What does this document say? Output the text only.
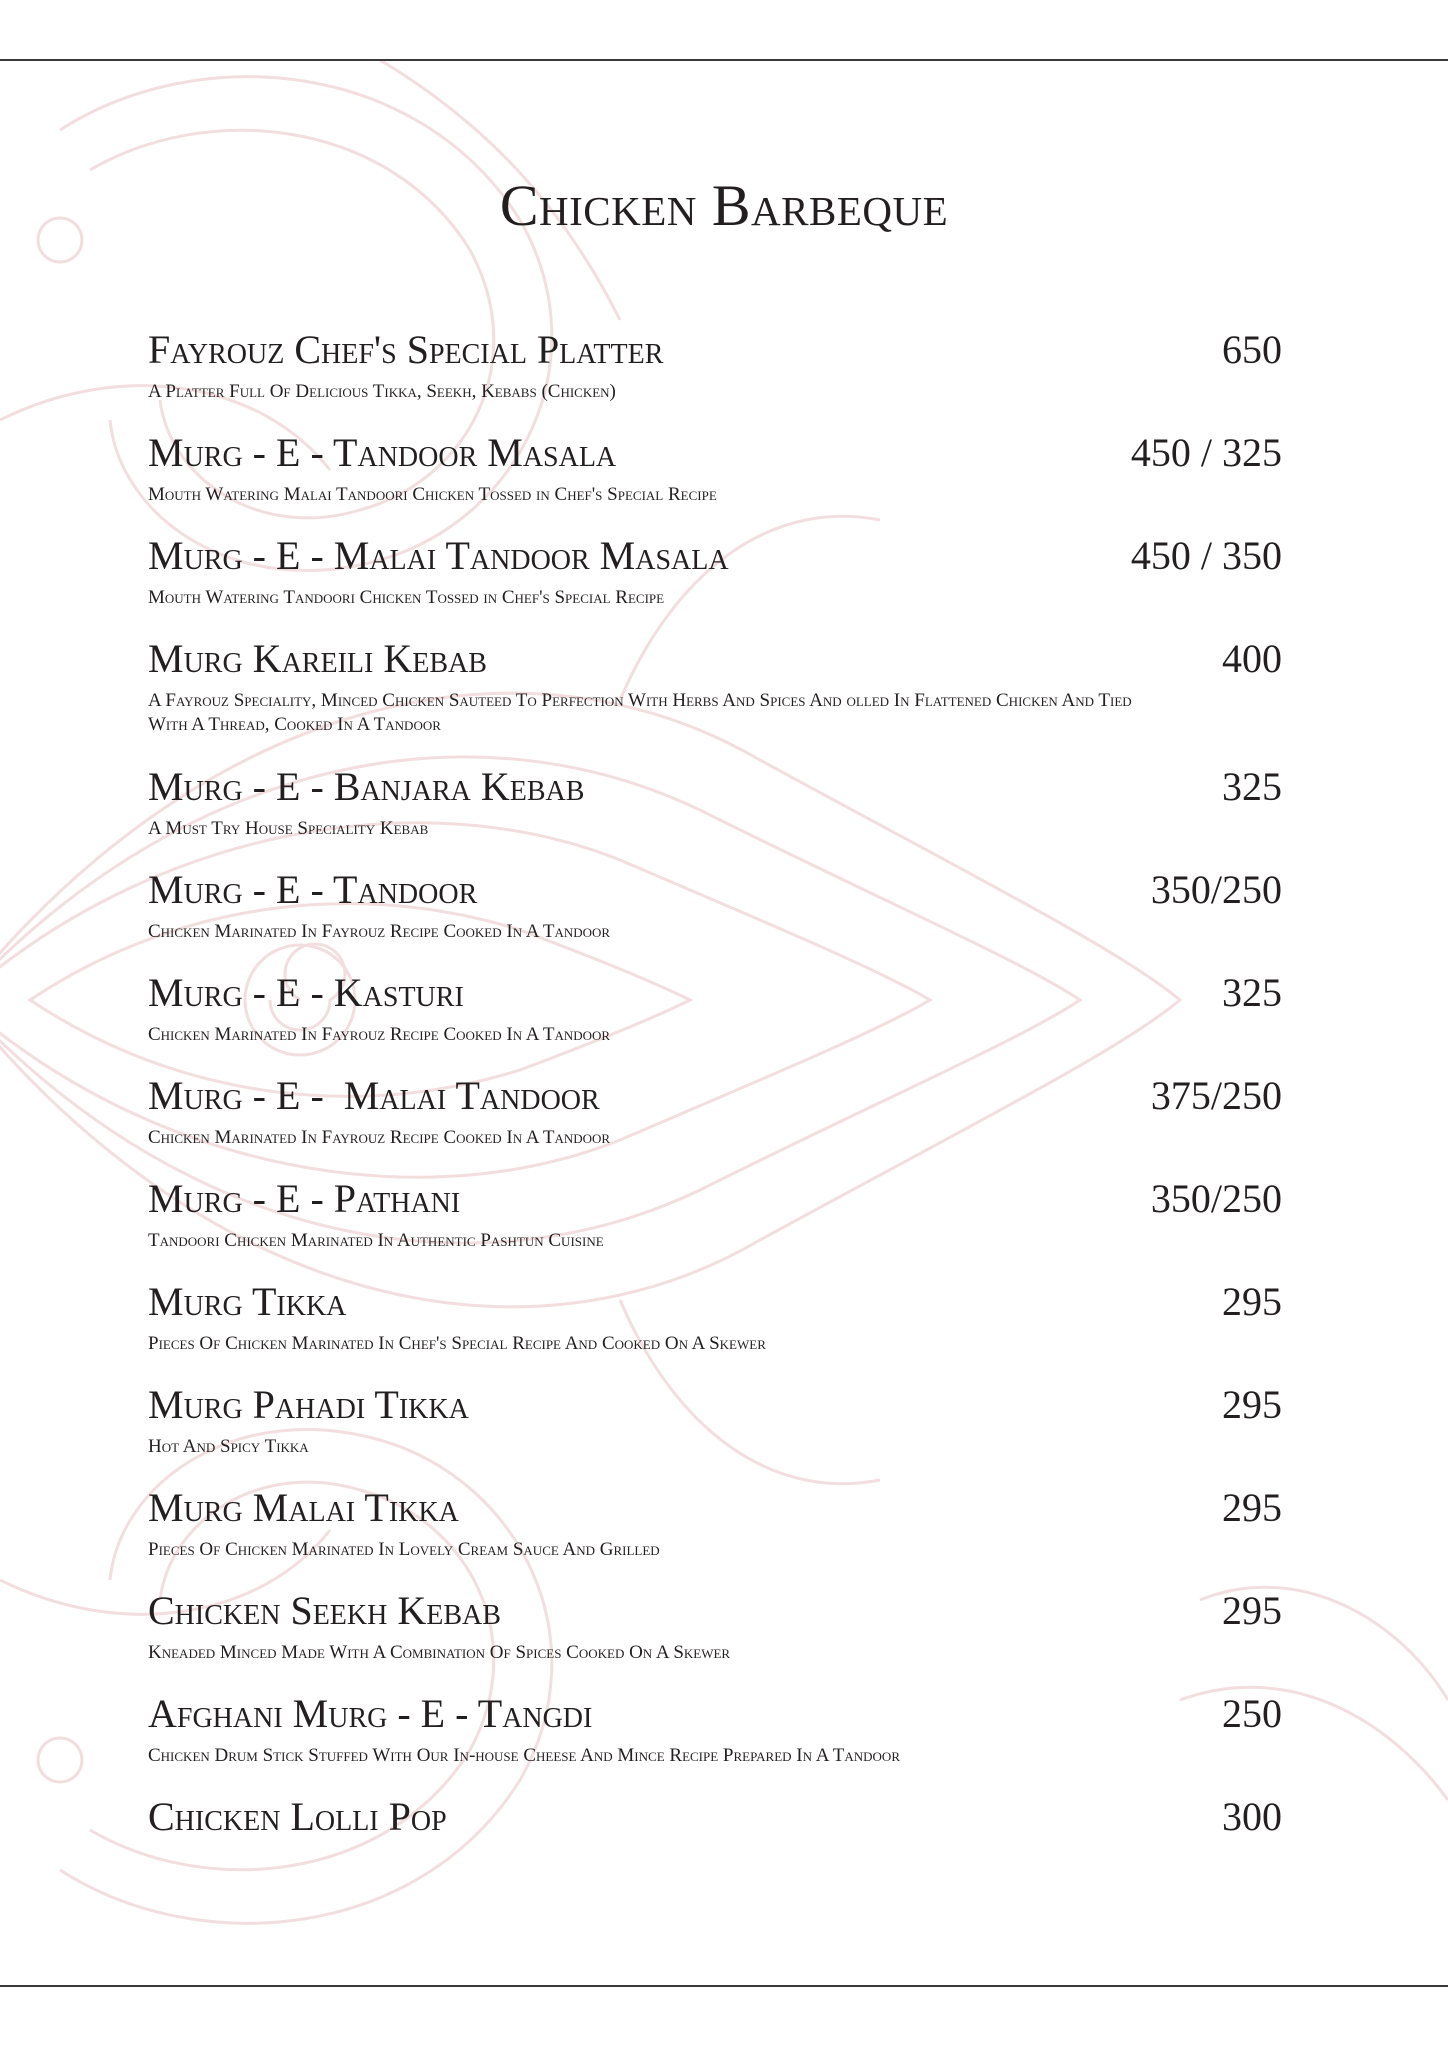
Chicken Barbeque
Fayrouz Chef's Special Platter	650
A Platter Full Of Delicious Tikka, Seekh, Kebabs (Chicken)
Murg - E - Tandoor Masala	450 / 325
Mouth Watering Malai Tandoori Chicken Tossed in Chef's Special Recipe
Murg - E - Malai Tandoor Masala	450 / 350
Mouth Watering Tandoori Chicken Tossed in Chef's Special Recipe
Murg Kareili Kebab	400
A Fayrouz Speciality, Minced Chicken Sauteed To Perfection With Herbs And Spices And olled In Flattened Chicken And Tied With A Thread, Cooked In A Tandoor
Murg - E - Banjara Kebab	325
A Must Try House Speciality Kebab
Murg - E - Tandoor	350/250
Chicken Marinated In Fayrouz Recipe Cooked In A Tandoor
Murg - E - Kasturi	325
Chicken Marinated In Fayrouz Recipe Cooked In A Tandoor
Murg - E -  Malai Tandoor	375/250
Chicken Marinated In Fayrouz Recipe Cooked In A Tandoor
Murg - E - Pathani	350/250
Tandoori Chicken Marinated In Authentic Pashtun Cuisine
Murg Tikka	295
Pieces Of Chicken Marinated In Chef's Special Recipe And Cooked On A Skewer
Murg Pahadi Tikka	295
Hot And Spicy Tikka
Murg Malai Tikka	295
Pieces Of Chicken Marinated In Lovely Cream Sauce And Grilled
Chicken Seekh Kebab	295
Kneaded Minced Made With A Combination Of Spices Cooked On A Skewer
Afghani Murg - E - Tangdi	250
Chicken Drum Stick Stuffed With Our In-house Cheese And Mince Recipe Prepared In A Tandoor
Chicken Lolli Pop	300
